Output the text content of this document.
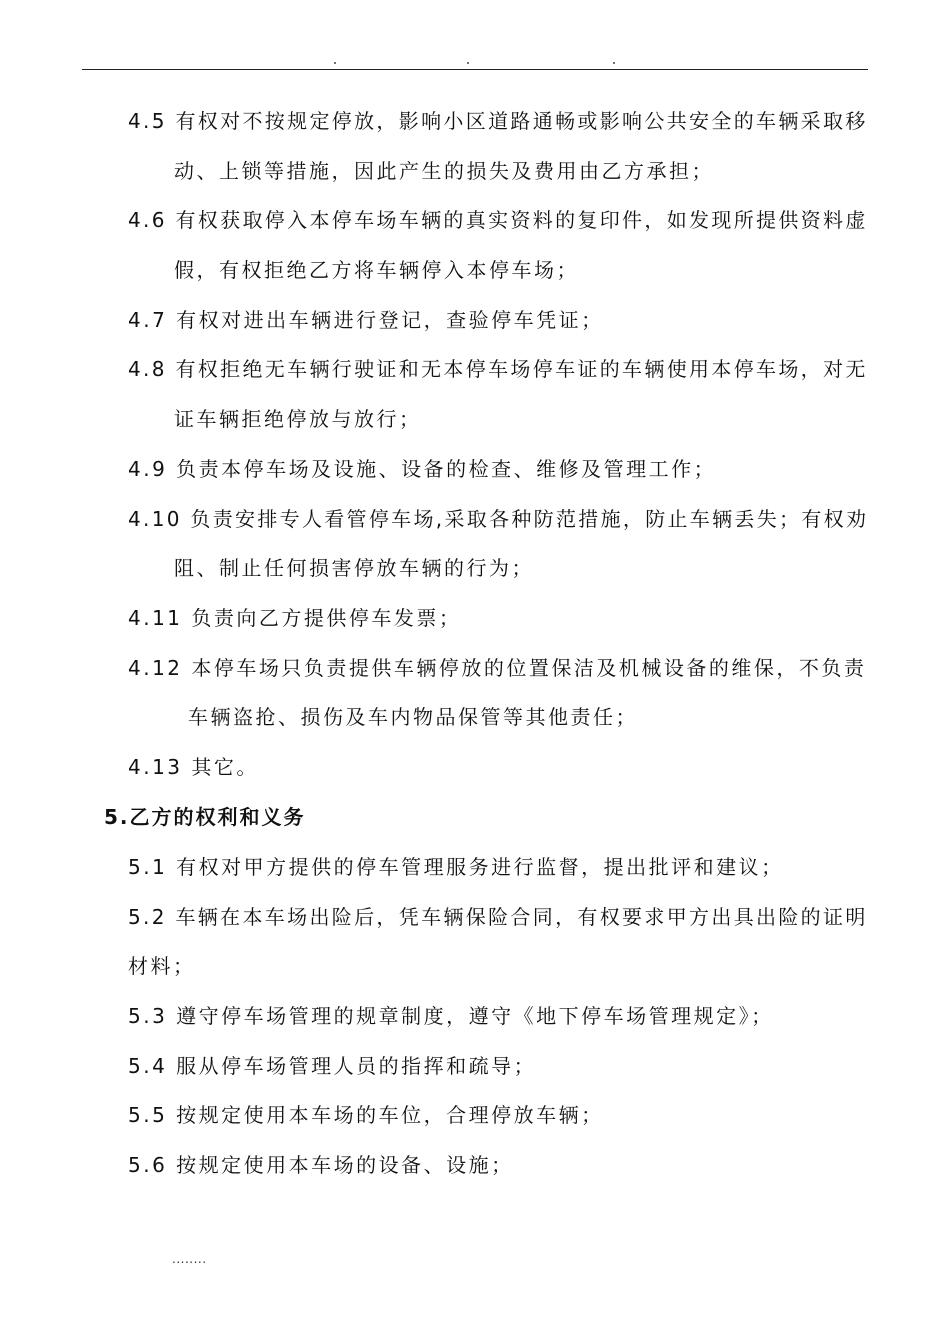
4.5 有权对不按规定停放，影响小区道路通畅或影响公共安全的车辆采取移
动、上锁等措施，因此产生的损失及费用由乙方承担；
4.6 有权获取停入本停车场车辆的真实资料的复印件，如发现所提供资料虚
假，有权拒绝乙方将车辆停入本停车场；
4.7 有权对进出车辆进行登记，查验停车凭证；
4.8 有权拒绝无车辆行驶证和无本停车场停车证的车辆使用本停车场，对无
证车辆拒绝停放与放行；
4.9 负责本停车场及设施、设备的检查、维修及管理工作；
4.10 负责安排专人看管停车场,采取各种防范措施，防止车辆丢失；有权劝
阻、制止任何损害停放车辆的行为；
4.11 负责向乙方提供停车发票；
4.12 本停车场只负责提供车辆停放的位置保洁及机械设备的维保，不负责
车辆盗抢、损伤及车内物品保管等其他责任；
4.13 其它。
5.乙方的权利和义务
5.1 有权对甲方提供的停车管理服务进行监督，提出批评和建议；
5.2 车辆在本车场出险后，凭车辆保险合同，有权要求甲方出具出险的证明
材料；
5.3 遵守停车场管理的规章制度，遵守《地下停车场管理规定》；
5.4 服从停车场管理人员的指挥和疏导；
5.5 按规定使用本车场的车位，合理停放车辆；
5.6 按规定使用本车场的设备、设施；
........
